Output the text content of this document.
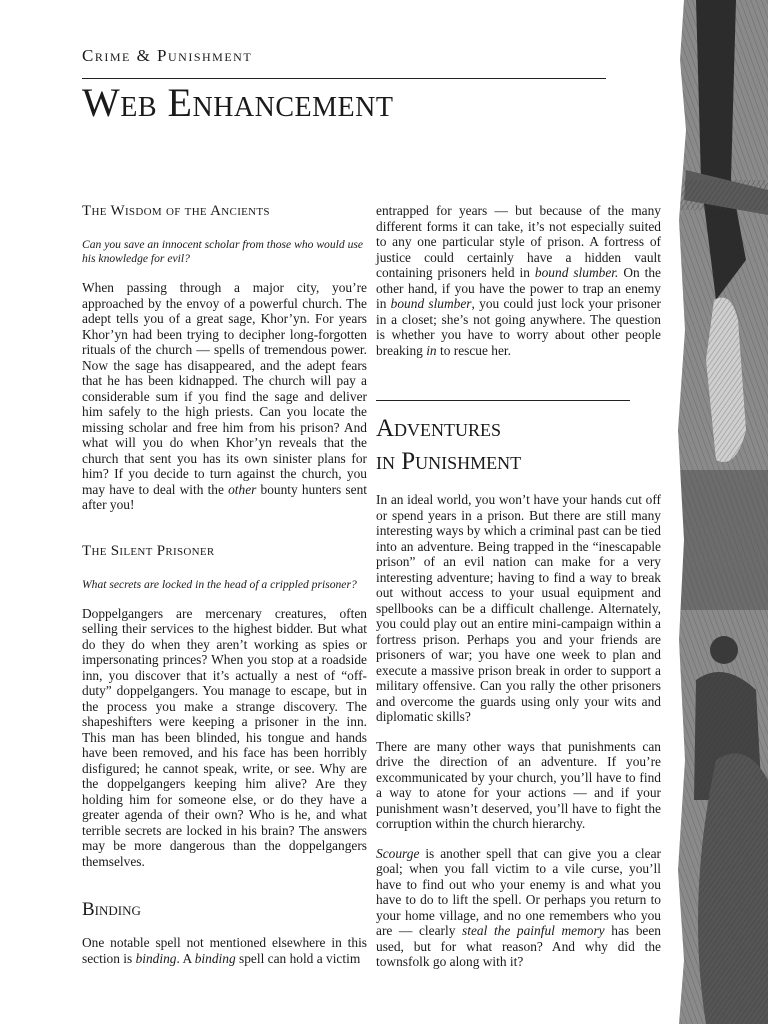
Crime & Punishment
Web Enhancement
The Wisdom of the Ancients

Can you save an innocent scholar from those who would use his knowledge for evil?

When passing through a major city, you’re approached by the envoy of a powerful church. The adept tells you of a great sage, Khor’yn. For years Khor’yn had been trying to decipher long-forgotten rituals of the church — spells of tremendous power. Now the sage has disappeared, and the adept fears that he has been kidnapped. The church will pay a considerable sum if you find the sage and deliver him safely to the high priests. Can you locate the missing scholar and free him from his prison? And what will you do when Khor’yn reveals that the church that sent you has its own sinister plans for him? If you decide to turn against the church, you may have to deal with the other bounty hunters sent after you!

The Silent Prisoner

What secrets are locked in the head of a crippled prisoner?

Doppelgangers are mercenary creatures, often selling their services to the highest bidder. But what do they do when they aren’t working as spies or impersonating princes? When you stop at a roadside inn, you discover that it’s actually a nest of “off-duty” doppelgangers. You manage to escape, but in the process you make a strange discovery. The shapeshifters were keeping a prisoner in the inn. This man has been blinded, his tongue and hands have been removed, and his face has been horribly disfigured; he cannot speak, write, or see. Why are the doppelgangers keeping him alive? Are they holding him for someone else, or do they have a greater agenda of their own? Who is he, and what terrible secrets are locked in his brain? The answers may be more dangerous than the doppelgangers themselves.

Binding

One notable spell not mentioned elsewhere in this section is binding. A binding spell can hold a victim

entrapped for years — but because of the many different forms it can take, it’s not especially suited to any one particular style of prison. A fortress of justice could certainly have a hidden vault containing prisoners held in bound slumber. On the other hand, if you have the power to trap an enemy in bound slumber, you could just lock your prisoner in a closet; she’s not going anywhere. The question is whether you have to worry about other people breaking in to rescue her.

Adventures
in Punishment

In an ideal world, you won’t have your hands cut off or spend years in a prison. But there are still many interesting ways by which a criminal past can be tied into an adventure. Being trapped in the “inescapable prison” of an evil nation can make for a very interesting adventure; having to find a way to break out without access to your usual equipment and spellbooks can be a difficult challenge. Alternately, you could play out an entire mini-campaign within a fortress prison. Perhaps you and your friends are prisoners of war; you have one week to plan and execute a massive prison break in order to support a military offensive. Can you rally the other prisoners and overcome the guards using only your wits and diplomatic skills?

There are many other ways that punishments can drive the direction of an adventure. If you’re excommunicated by your church, you’ll have to find a way to atone for your actions — and if your punishment wasn’t deserved, you’ll have to fight the corruption within the church hierarchy.

Scourge is another spell that can give you a clear goal; when you fall victim to a vile curse, you’ll have to find out who your enemy is and what you have to do to lift the spell. Or perhaps you return to your home village, and no one remembers who you are — clearly steal the painful memory has been used, but for what reason? And why did the townsfolk go along with it?
